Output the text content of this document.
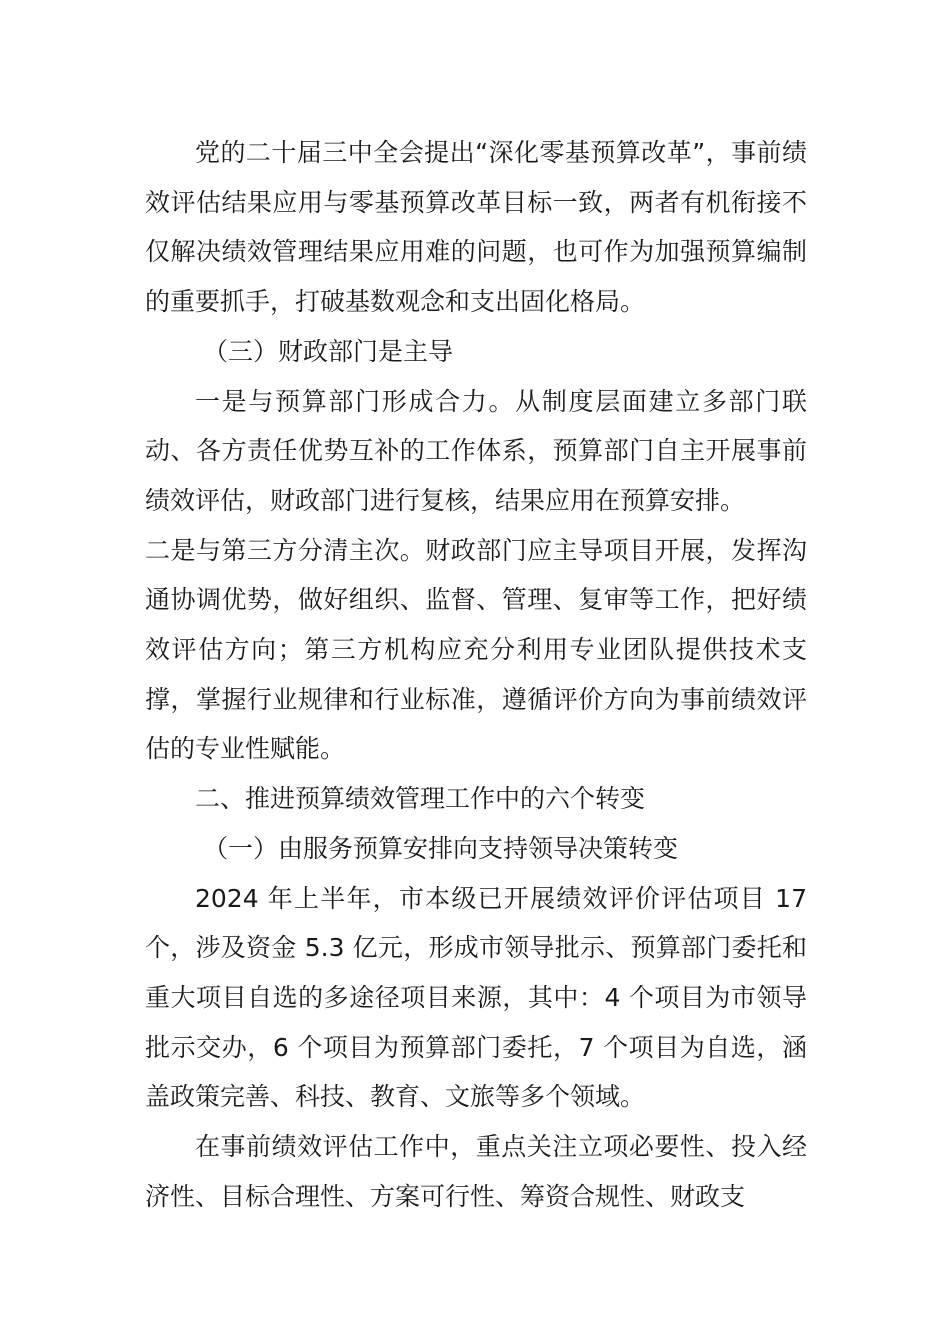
党的二十届三中全会提出“深化零基预算改革”，事前绩效评估结果应用与零基预算改革目标一致，两者有机衔接不仅解决绩效管理结果应用难的问题，也可作为加强预算编制的重要抓手，打破基数观念和支出固化格局。

（三）财政部门是主导

一是与预算部门形成合力。从制度层面建立多部门联动、各方责任优势互补的工作体系，预算部门自主开展事前绩效评估，财政部门进行复核，结果应用在预算安排。

二是与第三方分清主次。财政部门应主导项目开展，发挥沟通协调优势，做好组织、监督、管理、复审等工作，把好绩效评估方向；第三方机构应充分利用专业团队提供技术支撑，掌握行业规律和行业标准，遵循评价方向为事前绩效评估的专业性赋能。

二、推进预算绩效管理工作中的六个转变

（一）由服务预算安排向支持领导决策转变

2024 年上半年，市本级已开展绩效评价评估项目 17 个，涉及资金 5.3 亿元，形成市领导批示、预算部门委托和重大项目自选的多途径项目来源，其中：4 个项目为市领导批示交办，6 个项目为预算部门委托，7 个项目为自选，涵盖政策完善、科技、教育、文旅等多个领域。

在事前绩效评估工作中，重点关注立项必要性、投入经济性、目标合理性、方案可行性、筹资合规性、财政支
